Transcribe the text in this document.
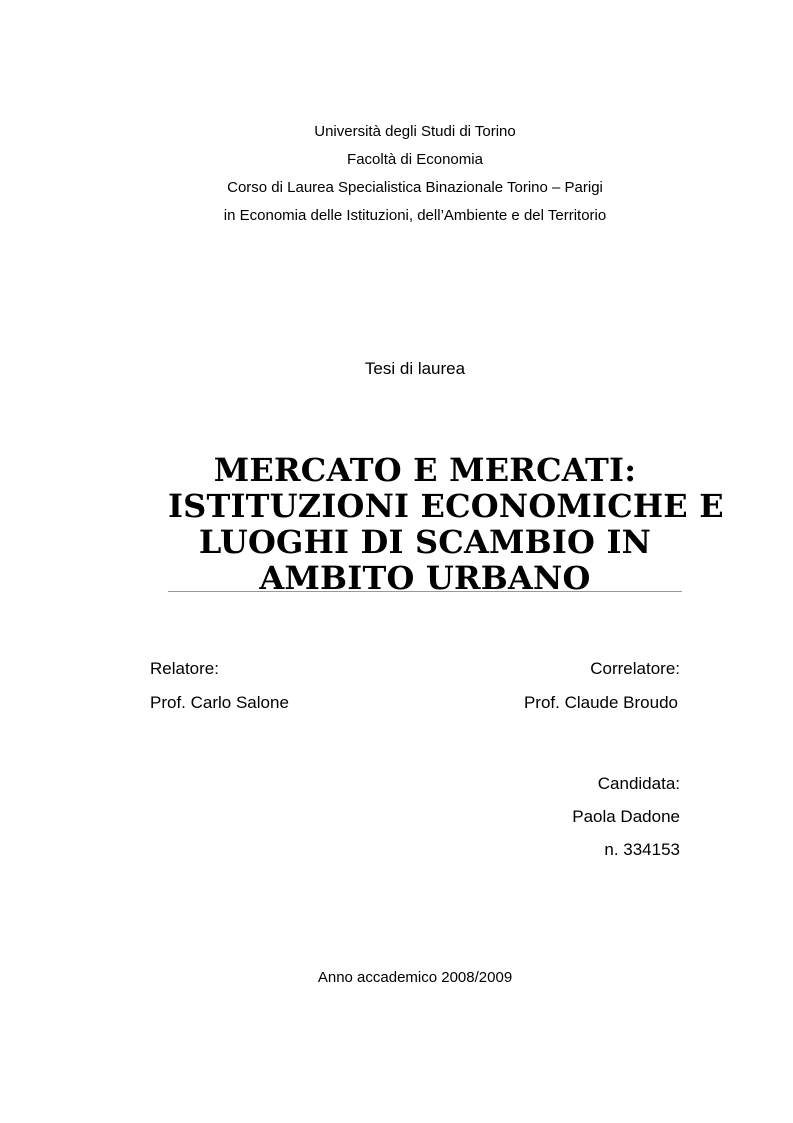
Università degli Studi di Torino
Facoltà di Economia
Corso di Laurea Specialistica Binazionale Torino – Parigi
in Economia delle Istituzioni, dell’Ambiente e del Territorio
Tesi di laurea
MERCATO E MERCATI:
ISTITUZIONI ECONOMICHE E
LUOGHI DI SCAMBIO IN
AMBITO URBANO
Relatore:
Prof. Carlo Salone
Correlatore:
Prof. Claude Broudo
Candidata:
Paola Dadone
n. 334153
Anno accademico 2008/2009
